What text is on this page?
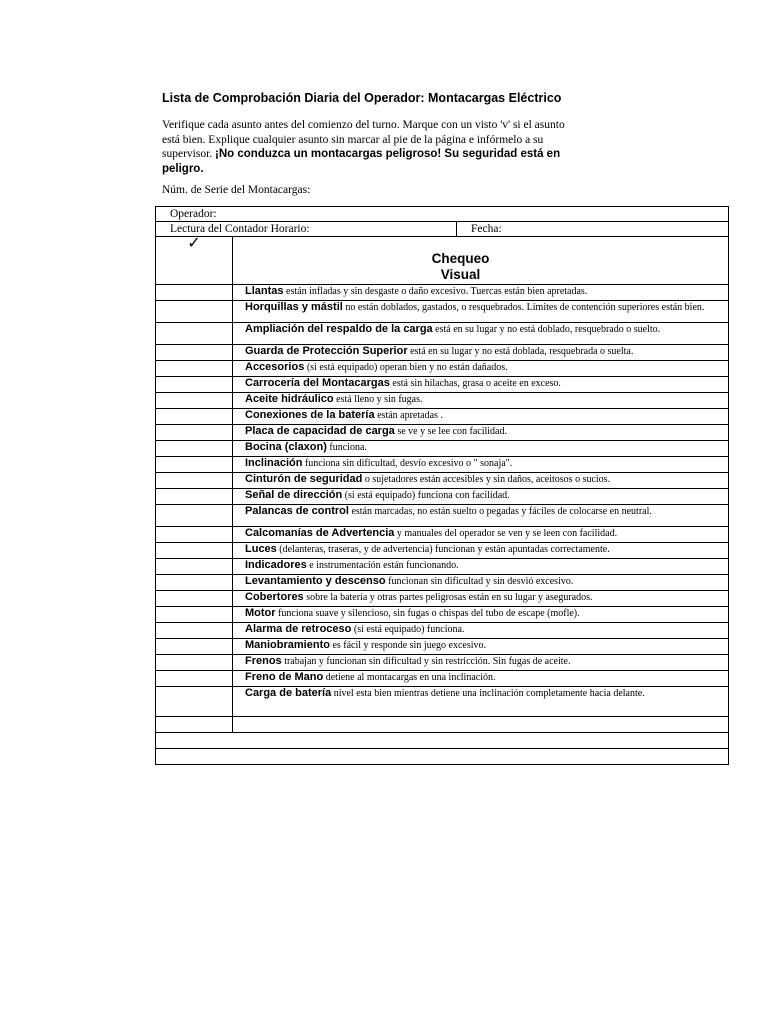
Lista de Comprobación Diaria del Operador: Montacargas Eléctrico
Verifique cada asunto antes del comienzo del turno. Marque con un visto 'v' si el asunto está bien. Explique cualquier asunto sin marcar al pie de la página e infórmelo a su supervisor. ¡No conduzca un montacargas peligroso! Su seguridad está en peligro.
Núm. de Serie del Montacargas:
Operador:
Lectura del Contador Horario:	Fecha:
✓
Chequeo
Visual
Llantas están infladas y sin desgaste o daño excesivo. Tuercas están bien apretadas.
Horquillas y mástil no están doblados, gastados, o resquebrados. Límites de contención superiores están bien.
Ampliación del respaldo de la carga está en su lugar y no está doblado, resquebrado o suelto.
Guarda de Protección Superior está en su lugar y no está doblada, resquebrada o suelta.
Accesorios (si está equipado) operan bien y no están dañados.
Carrocería del Montacargas está sin hilachas, grasa o aceite en exceso.
Aceite hidráulico está lleno y sin fugas.
Conexiones de la batería están apretadas .
Placa de capacidad de carga se ve y se lee con facilidad.
Bocina (claxon) funciona.
Inclinación funciona sin dificultad, desvío excesivo o " sonaja".
Cinturón de seguridad o sujetadores están accesibles y sin daños, aceitosos o sucios.
Señal de dirección (si está equipado) funciona con facilidad.
Palancas de control están marcadas, no están suelto o pegadas y fáciles de colocarse en neutral.
Calcomanías de Advertencia y manuales del operador se ven y se leen con facilidad.
Luces (delanteras, traseras, y de advertencia) funcionan y están apuntadas correctamente.
Indicadores e instrumentación están funcionando.
Levantamiento y descenso funcionan sin dificultad y sin desvió excesivo.
Cobertores sobre la batería y otras partes peligrosas están en su lugar y asegurados.
Motor funciona suave y silencioso, sin fugas o chispas del tubo de escape (mofle).
Alarma de retroceso (si está equipado) funciona.
Maniobramiento es fácil y responde sin juego excesivo.
Frenos trabajan y funcionan sin dificultad y sin restricción. Sin fugas de aceite.
Freno de Mano detiene al montacargas en una inclinación.
Carga de batería nivel esta bien mientras detiene una inclinación completamente hacia delante.
